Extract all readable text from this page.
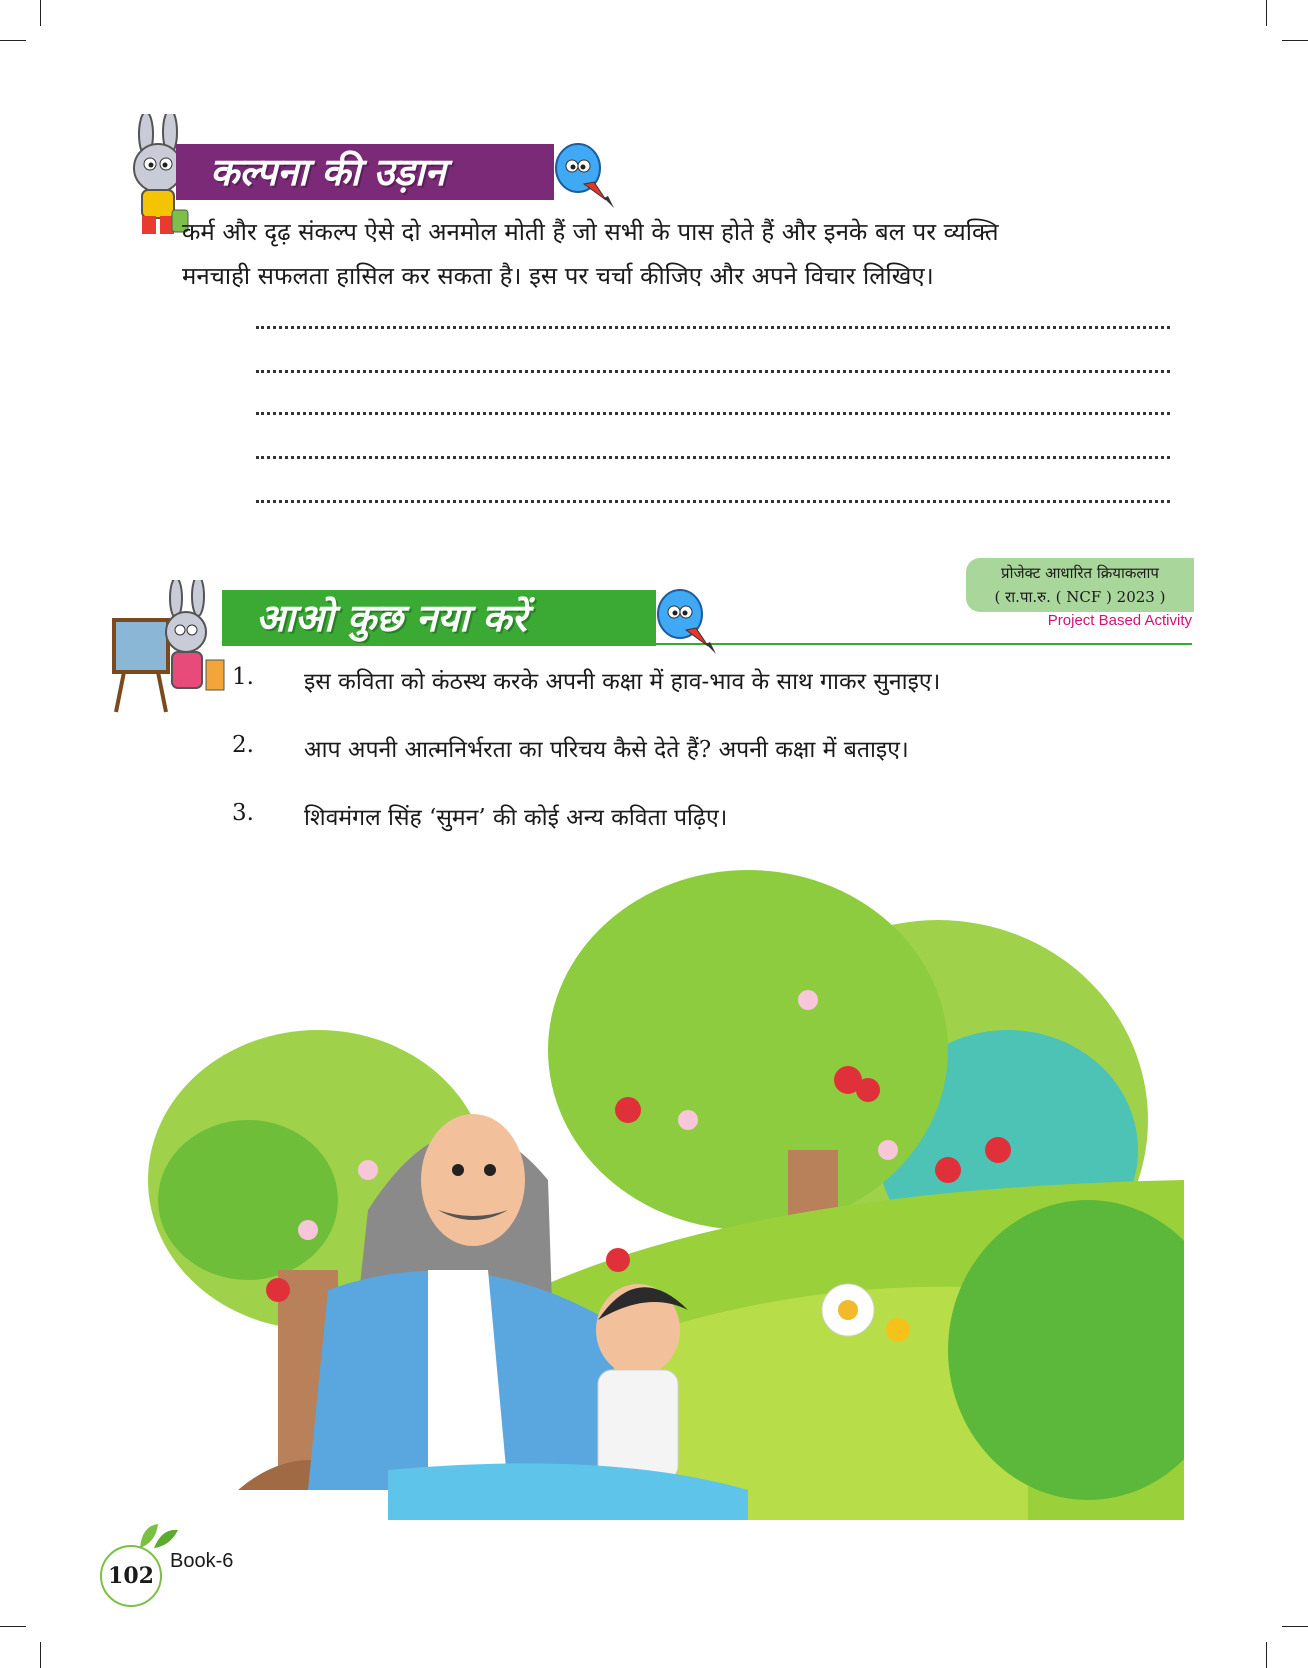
कल्पना की उड़ान
कर्म और दृढ़ संकल्प ऐसे दो अनमोल मोती हैं जो सभी के पास होते हैं और इनके बल पर व्यक्ति
मनचाही सफलता हासिल कर सकता है। इस पर चर्चा कीजिए और अपने विचार लिखिए।
प्रोजेक्ट आधारित क्रियाकलाप
( रा.पा.रु. ( NCF ) 2023 )
Project Based Activity
आओ कुछ नया करें
1.	इस कविता को कंठस्थ करके अपनी कक्षा में हाव-भाव के साथ गाकर सुनाइए।
2.	आप अपनी आत्मनिर्भरता का परिचय कैसे देते हैं? अपनी कक्षा में बताइए।
3.	शिवमंगल सिंह ‘सुमन’ की कोई अन्य कविता पढ़िए।
102
Book-6
